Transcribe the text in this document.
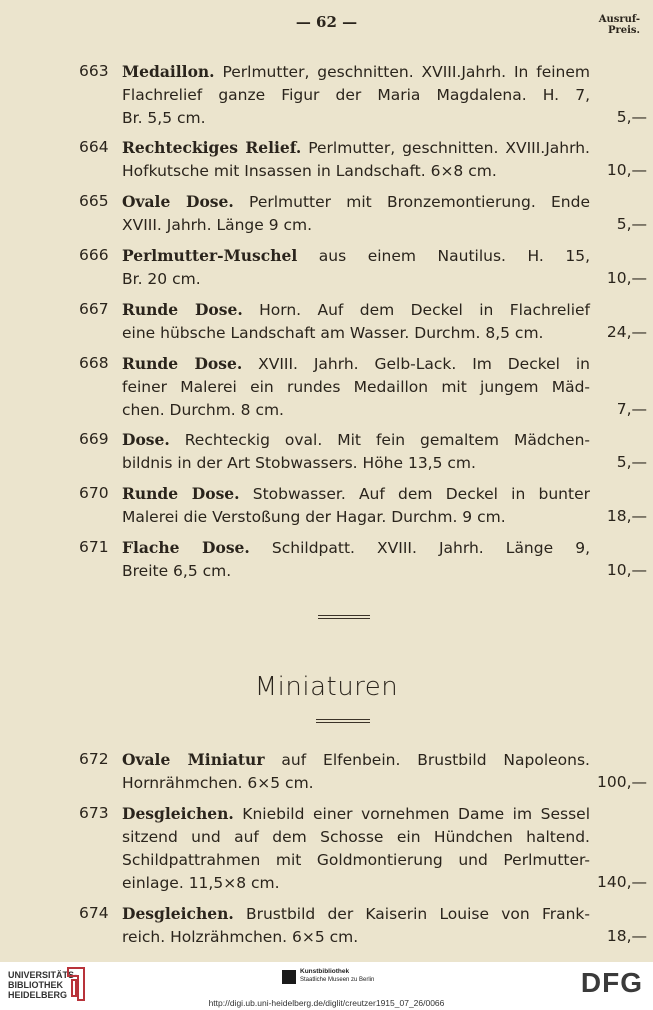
— 62 —	Ausruf-
Preis.
663 Medaillon. Perlmutter, geschnitten. XVIII.Jahrh. In feinem
Flachrelief ganze Figur der Maria Magdalena. H. 7,
Br. 5,5 cm.	5,—
664 Rechteckiges Relief. Perlmutter, geschnitten. XVIII.Jahrh.
Hofkutsche mit Insassen in Landschaft. 6×8 cm.	10,—
665 Ovale Dose. Perlmutter mit Bronzemontierung. Ende
XVIII. Jahrh. Länge 9 cm.	5,—
666 Perlmutter-Muschel aus einem Nautilus. H. 15,
Br. 20 cm.	10,—
667 Runde Dose. Horn. Auf dem Deckel in Flachrelief
eine hübsche Landschaft am Wasser. Durchm. 8,5 cm.	24,—
668 Runde Dose. XVIII. Jahrh. Gelb-Lack. Im Deckel in
feiner Malerei ein rundes Medaillon mit jungem Mäd-
chen. Durchm. 8 cm.	7,—
669 Dose. Rechteckig oval. Mit fein gemaltem Mädchen-
bildnis in der Art Stobwassers. Höhe 13,5 cm.	5,—
670 Runde Dose. Stobwasser. Auf dem Deckel in bunter
Malerei die Verstoßung der Hagar. Durchm. 9 cm.	18,—
671 Flache Dose. Schildpatt. XVIII. Jahrh. Länge 9,
Breite 6,5 cm.	10,—
Miniaturen
672 Ovale Miniatur auf Elfenbein. Brustbild Napoleons.
Hornrähmchen. 6×5 cm.	100,—
673 Desgleichen. Kniebild einer vornehmen Dame im Sessel
sitzend und auf dem Schosse ein Hündchen haltend.
Schildpattrahmen mit Goldmontierung und Perlmutter-
einlage. 11,5×8 cm.	140,—
674 Desgleichen. Brustbild der Kaiserin Louise von Frank-
reich. Holzrähmchen. 6×5 cm.	18,—
UNIVERSITÄTS-
BIBLIOTHEK
HEIDELBERG
Kunstbibliothek
Staatliche Museen zu Berlin	DFG
http://digi.ub.uni-heidelberg.de/diglit/creutzer1915_07_26/0066
